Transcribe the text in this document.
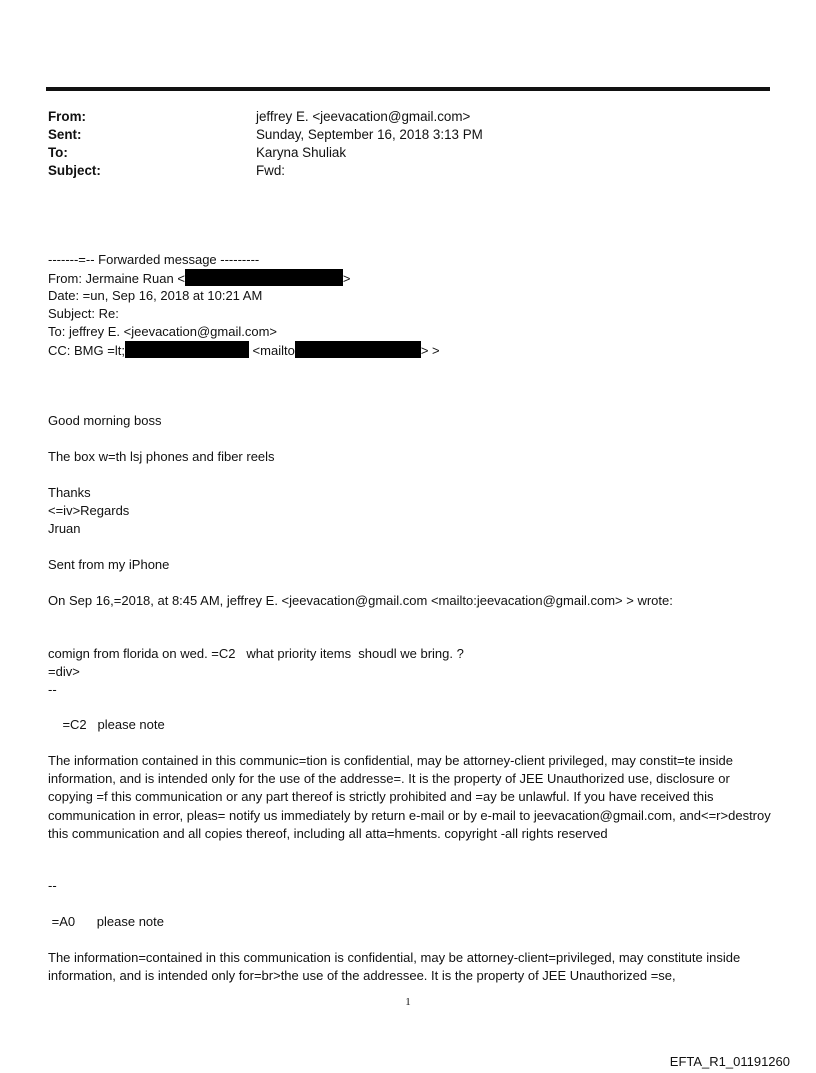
From:	jeffrey E. <jeevacation@gmail.com>
Sent:	Sunday, September 16, 2018 3:13 PM
To:	Karyna Shuliak
Subject:	Fwd:
-------=-- Forwarded message ---------
From: Jermaine Ruan <	>
Date: =un, Sep 16, 2018 at 10:21 AM
Subject: Re:
To: jeffrey E. <jeevacation@gmail.com>
CC: BMG =lt;	<mailto	> >
Good morning boss
The box w=th lsj phones and fiber reels
Thanks
<=iv>Regards
Jruan
Sent from my iPhone
On Sep 16,=2018, at 8:45 AM, jeffrey E. <jeevacation@gmail.com <mailto:jeevacation@gmail.com> > wrote:
comign from florida on wed. =C2   what priority items  shoudl we bring. ?
=div>
--
=C2   please note
The information contained in this communic=tion is confidential, may be attorney-client privileged, may constit=te inside information, and is intended only for the use of the addresse=. It is the property of JEE Unauthorized use, disclosure or copying =f this communication or any part thereof is strictly prohibited and =ay be unlawful. If you have received this communication in error, pleas= notify us immediately by return e-mail or by e-mail to jeevacation@gmail.com, and<=r>destroy this communication and all copies thereof, including all atta=hments. copyright -all rights reserved
--
=A0      please note
The information=contained in this communication is confidential, may be attorney-client=privileged, may constitute inside information, and is intended only for=br>the use of the addressee. It is the property of JEE Unauthorized =se,
1
EFTA_R1_01191260
